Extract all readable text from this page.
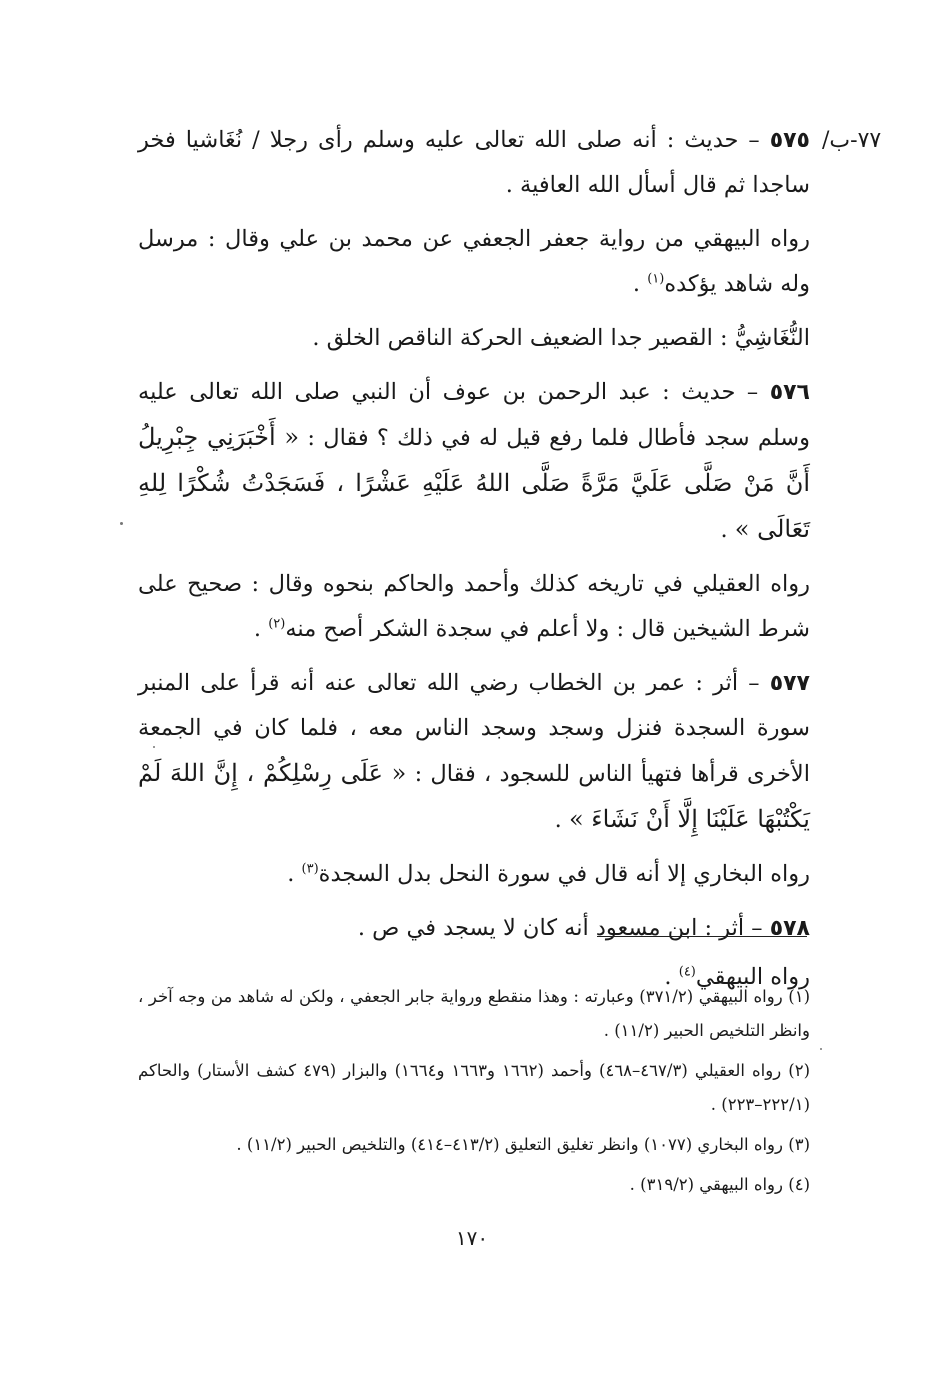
/٧٧-ب

٥٧٥ – حديث : أنه صلى الله تعالى عليه وسلم رأى رجلا / نُغَاشيا فخر ساجدا ثم قال أسأل الله العافية .

رواه البيهقي من رواية جعفر الجعفي عن محمد بن علي وقال : مرسل وله شاهد يؤكده$^{(١)}$ .

النُّغَاشِيُّ : القصير جدا الضعيف الحركة الناقص الخلق .

٥٧٦ – حديث : عبد الرحمن بن عوف أن النبي صلى الله تعالى عليه وسلم سجد فأطال فلما رفع قيل له في ذلك ؟ فقال : « أَخْبَرَنِي جِبْرِيلُ أَنَّ مَنْ صَلَّى عَلَيَّ مَرَّةً صَلَّى اللهُ عَلَيْهِ عَشْرًا ، فَسَجَدْتُ شُكْرًا لِلهِ تَعَالَى » .

رواه العقيلي في تاريخه كذلك وأحمد والحاكم بنحوه وقال : صحيح على شرط الشيخين قال : ولا أعلم في سجدة الشكر أصح منه$^{(٢)}$ .

٥٧٧ – أثر : عمر بن الخطاب رضي الله تعالى عنه أنه قرأ على المنبر سورة السجدة فنزل وسجد وسجد الناس معه ، فلما كان في الجمعة الأخرى قرأها فتهيأ الناس للسجود ، فقال : « عَلَى رِسْلِكُمْ ، إِنَّ اللهَ لَمْ يَكْتُبْهَا عَلَيْنَا إِلَّا أَنْ نَشَاءَ » .

رواه البخاري إلا أنه قال في سورة النحل بدل السجدة$^{(٣)}$ .

٥٧٨ – أثر : ابن مسعود أنه كان لا يسجد في ص .

رواه البيهقي$^{(٤)}$ .

(١) رواه البيهقي (٣٧١/٢) وعبارته : وهذا منقطع ورواية جابر الجعفي ، ولكن له شاهد من وجه آخر ، وانظر التلخيص الحبير (١١/٢) .

(٢) رواه العقيلي (٤٦٧/٣–٤٦٨) وأحمد (١٦٦٢ و١٦٦٣ و١٦٦٤) والبزار (٤٧٩ كشف الأستار) والحاكم (٢٢٢/١–٢٢٣) .

(٣) رواه البخاري (١٠٧٧) وانظر تغليق التعليق (٤١٣/٢–٤١٤) والتلخيص الحبير (١١/٢) .

(٤) رواه البيهقي (٣١٩/٢) .

١٧٠
